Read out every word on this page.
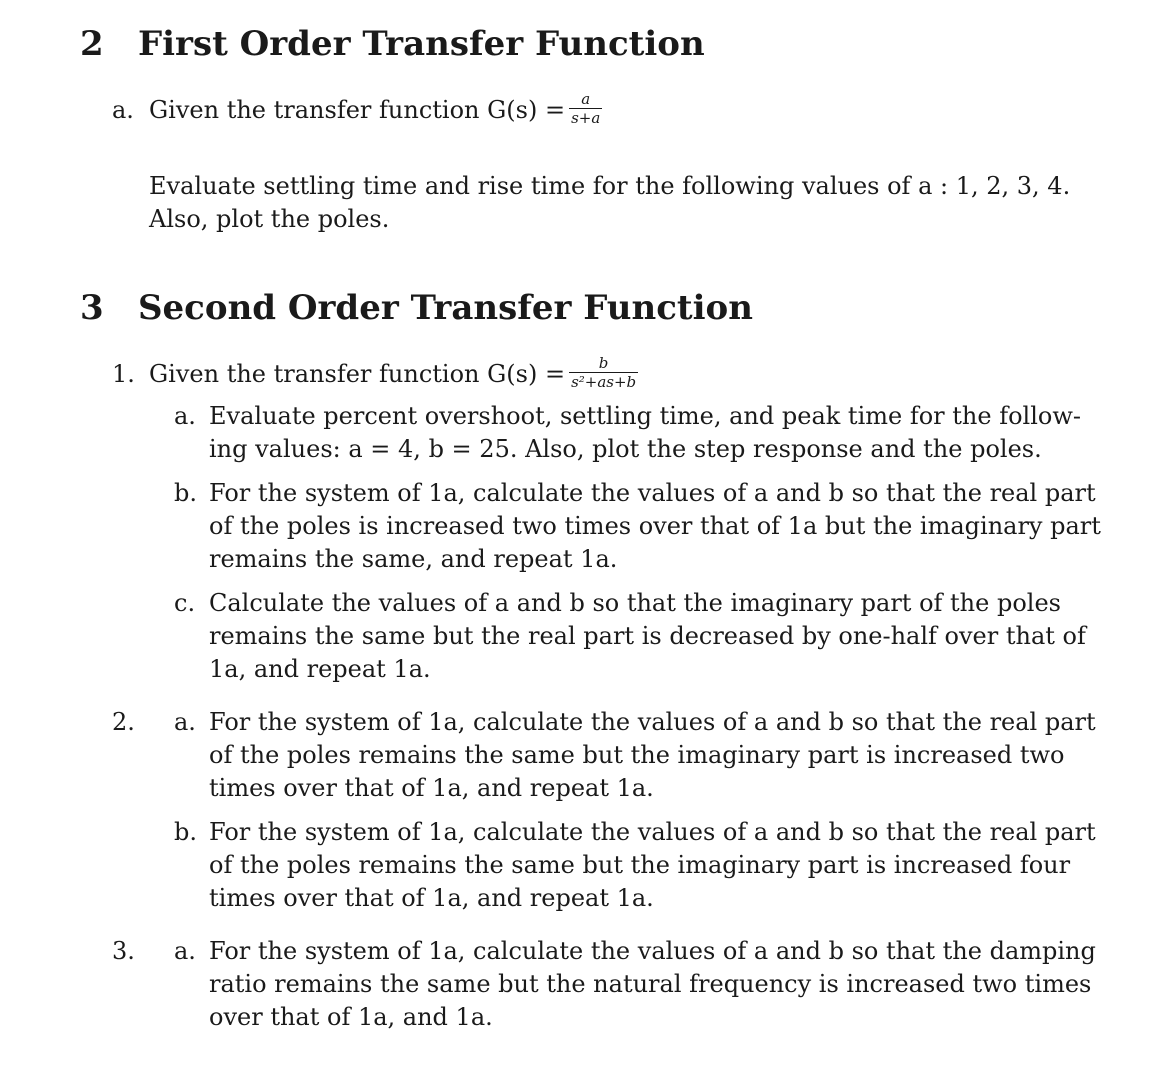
2 First Order Transfer Function
a. Given the transfer function $G(s) = \frac{a}{s+a}$
Evaluate settling time and rise time for the following values of a : 1, 2, 3, 4.
Also, plot the poles.
3 Second Order Transfer Function
1. Given the transfer function $G(s) = \frac{b}{\text{s²+as+b}}$
a. Evaluate percent overshoot, settling time, and peak time for the follow-
ing values: a = 4, b = 25. Also, plot the step response and the poles.
b. For the system of 1a, calculate the values of a and b so that the real part
of the poles is increased two times over that of 1a but the imaginary part
remains the same, and repeat 1a.
c. Calculate the values of a and b so that the imaginary part of the poles
remains the same but the real part is decreased by one-half over that of
1a, and repeat 1a.
2. a. For the system of 1a, calculate the values of a and b so that the real part
of the poles remains the same but the imaginary part is increased two
times over that of 1a, and repeat 1a.
b. For the system of 1a, calculate the values of a and b so that the real part
of the poles remains the same but the imaginary part is increased four
times over that of 1a, and repeat 1a.
3. a. For the system of 1a, calculate the values of a and b so that the damping
ratio remains the same but the natural frequency is increased two times
over that of 1a, and 1a.
